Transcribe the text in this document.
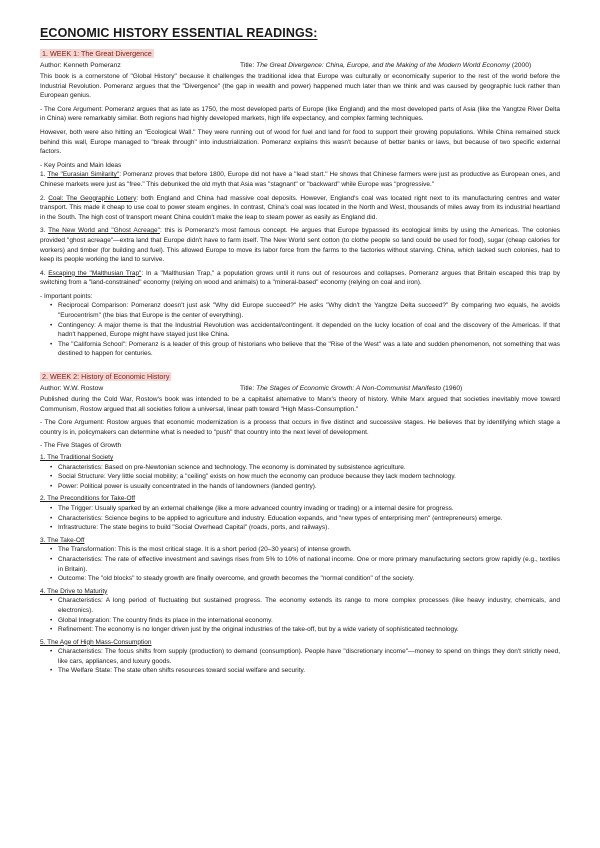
ECONOMIC HISTORY ESSENTIAL READINGS:
1. WEEK 1: The Great Divergence
Author: Kenneth Pomeranz	Title: The Great Divergence: China, Europe, and the Making of the Modern World Economy (2000)

This book is a cornerstone of "Global History" because it challenges the traditional idea that Europe was culturally or economically superior to the rest of the world before the Industrial Revolution. Pomeranz argues that the "Divergence" (the gap in wealth and power) happened much later than we think and was caused by geographic luck rather than European genius.

- The Core Argument: Pomeranz argues that as late as 1750, the most developed parts of Europe (like England) and the most developed parts of Asia (like the Yangtze River Delta in China) were remarkably similar. Both regions had highly developed markets, high life expectancy, and complex farming techniques.

However, both were also hitting an "Ecological Wall." They were running out of wood for fuel and land for food to support their growing populations. While China remained stuck behind this wall, Europe managed to "break through" into industrialization. Pomeranz explains this wasn't because of better banks or laws, but because of two specific external factors.

- Key Points and Main Ideas

1. The "Eurasian Similarity": Pomeranz proves that before 1800, Europe did not have a "lead start." He shows that Chinese farmers were just as productive as European ones, and Chinese markets were just as "free." This debunked the old myth that Asia was "stagnant" or "backward" while Europe was "progressive."

2. Coal: The Geographic Lottery: both England and China had massive coal deposits. However, England's coal was located right next to its manufacturing centres and water transport. This made it cheap to use coal to power steam engines. In contrast, China's coal was located in the North and West, thousands of miles away from its industrial heartland in the South. The high cost of transport meant China couldn't make the leap to steam power as easily as England did.

3. The New World and "Ghost Acreage": this is Pomeranz's most famous concept. He argues that Europe bypassed its ecological limits by using the Americas. The colonies provided "ghost acreage"—extra land that Europe didn't have to farm itself. The New World sent cotton (to clothe people so land could be used for food), sugar (cheap calories for workers) and timber (for building and fuel). This allowed Europe to move its labor force from the farms to the factories without starving. China, which lacked such colonies, had to keep its people working the land to survive.

4. Escaping the "Malthusian Trap": In a "Malthusian Trap," a population grows until it runs out of resources and collapses. Pomeranz argues that Britain escaped this trap by switching from a "land-constrained" economy (relying on wood and animals) to a "mineral-based" economy (relying on coal and iron).

- Important points:
• Reciprocal Comparison: Pomeranz doesn't just ask "Why did Europe succeed?" He asks "Why didn't the Yangtze Delta succeed?" By comparing two equals, he avoids "Eurocentrism" (the bias that Europe is the center of everything).
• Contingency: A major theme is that the Industrial Revolution was accidental/contingent. It depended on the lucky location of coal and the discovery of the Americas. If that hadn't happened, Europe might have stayed just like China.
• The "California School": Pomeranz is a leader of this group of historians who believe that the "Rise of the West" was a late and sudden phenomenon, not something that was destined to happen for centuries.
2. WEEK 2: History of Economic History
Author: W.W. Rostow	Title: The Stages of Economic Growth: A Non-Communist Manifesto (1960)

Published during the Cold War, Rostow's book was intended to be a capitalist alternative to Marx's theory of history. While Marx argued that societies inevitably move toward Communism, Rostow argued that all societies follow a universal, linear path toward "High Mass-Consumption."

- The Core Argument: Rostow argues that economic modernization is a process that occurs in five distinct and successive stages. He believes that by identifying which stage a country is in, policymakers can determine what is needed to "push" that country into the next level of development.

- The Five Stages of Growth
1. The Traditional Society
• Characteristics: Based on pre-Newtonian science and technology. The economy is dominated by subsistence agriculture.
• Social Structure: Very little social mobility; a "ceiling" exists on how much the economy can produce because they lack modern technology.
• Power: Political power is usually concentrated in the hands of landowners (landed gentry).
2. The Preconditions for Take-Off
• The Trigger: Usually sparked by an external challenge (like a more advanced country invading or trading) or a internal desire for progress.
• Characteristics: Science begins to be applied to agriculture and industry. Education expands, and "new types of enterprising men" (entrepreneurs) emerge.
• Infrastructure: The state begins to build "Social Overhead Capital" (roads, ports, and railways).
3. The Take-Off
• The Transformation: This is the most critical stage. It is a short period (20–30 years) of intense growth.
• Characteristics: The rate of effective investment and savings rises from 5% to 10% of national income. One or more primary manufacturing sectors grow rapidly (e.g., textiles in Britain).
• Outcome: The "old blocks" to steady growth are finally overcome, and growth becomes the "normal condition" of the society.
4. The Drive to Maturity
• Characteristics: A long period of fluctuating but sustained progress. The economy extends its range to more complex processes (like heavy industry, chemicals, and electronics).
• Global Integration: The country finds its place in the international economy.
• Refinement: The economy is no longer driven just by the original industries of the take-off, but by a wide variety of sophisticated technology.
5. The Age of High Mass-Consumption
• Characteristics: The focus shifts from supply (production) to demand (consumption). People have "discretionary income"—money to spend on things they don't strictly need, like cars, appliances, and luxury goods.
• The Welfare State: The state often shifts resources toward social welfare and security.
